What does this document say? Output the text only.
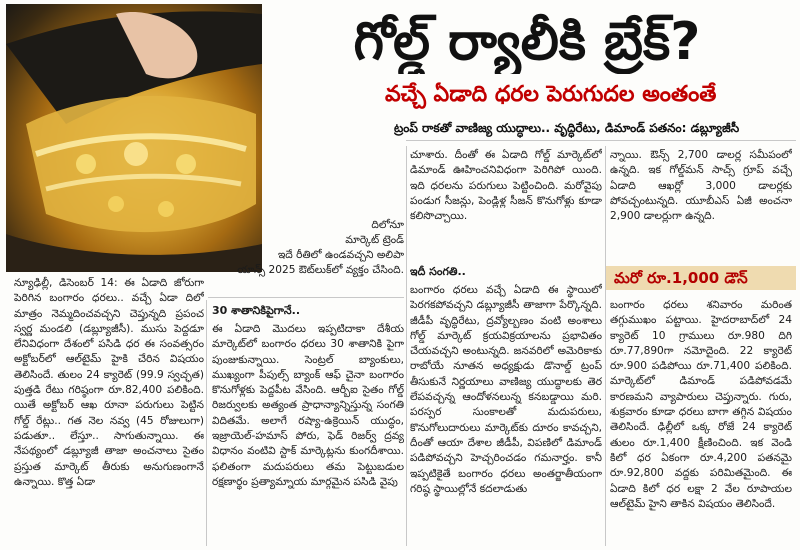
గోల్డ్ ర్యాలీకి బ్రేక్?
వచ్చే ఏడాది ధరల పెరుగుదల అంతంతే
ట్రంప్ రాకతో వాణిజ్య యుద్ధాలు.. వృద్ధిరేటు, డిమాండ్ పతనం: డబ్ల్యూజీసీ
దిలోనూ
మార్కెట్ ట్రెండ్
ఇదే రీతిలో ఉండవచ్చని అలిపా
యాన్స్ 2025 ఔట్‌లుక్‌లో వ్యక్తం చేసింది.

న్యూఢిల్లీ, డిసెంబర్ 14: ఈ ఏడాది జోరుగా పెరిగిన బంగారం ధరలు.. వచ్చే ఏడా దిలో మాత్రం నెమ్మదించవచ్చని చెప్తున్నది ప్రపంచ స్వర్ణ మండలి (డబ్ల్యూజీసీ). ముసు పెద్దడూ లేనివిధంగా దేశంలో పసిడి ధర ఈ సంవత్సరం అక్టోబర్‌లో ఆల్‌టైమ్ హైకి చేరిన విషయం తెలిసిందే. తులం 24 క్యారెట్ (99.9 స్వచ్ఛత) పుత్తడి రేటు గరిష్ఠంగా రూ.82,400 పలికింది. యితే అక్టోబర్ ఆఖ రూనా పరుగులు పెట్టిన గోల్డ్ రేట్లు.. గత నెల నవ్వ (45 రోజులుగా) పడుతూ.. లేస్తూ.. సాగుతున్నాయి. ఈ నేపథ్యంలో డబ్ల్యూజీ తాజా అంచనాలు సైతం ప్రస్తుత మార్కెట్ తీరుకు అనుగుణంగానే ఉన్నాయి. కొత్త ఏడా

30 శాతానికిపైగానే..

ఈ ఏడాది మొదలు ఇప్పటిదాకా దేశీయ మార్కెట్‌లో బంగారం ధరలు 30 శాతానికి పైగా పుంజుకున్నాయి. సెంట్రల్ బ్యాంకులు, ముఖ్యంగా పీపుల్స్ బ్యాంక్ ఆఫ్ చైనా బంగారం కొనుగోళ్లకు పెద్దపీట వేసింది. ఆర్బీఐ సైతం గోల్డ్ రిజర్వులకు అత్యంత ప్రాధాన్యాన్నిస్తున్న సంగతి విదితమే. అలాగే రష్యా-ఉక్రెయిన్ యుద్ధం, ఇజ్రాయెల్-హమాస్ పోరు, ఫెడ్ రిజర్వ్ ద్రవ్య విధానం వంటివి స్టాక్ మార్కెట్లను కుంగదీశాయి. ఫలితంగా మదుపరులు తమ పెట్టుబడుల రక్షణార్థం ప్రత్యామ్నాయ మార్గమైన పసిడి వైపు

చూశారు. దీంతో ఈ ఏడాది గోల్డ్ మార్కెట్‌లో డిమాండ్ ఊహించనివిధంగా పెరిగిపో యింది. ఇది ధరలను పరుగులు పెట్టించింది. మరోవైపు పండుగ సీజన్లు, పెండ్లిళ్ల సీజన్ కొనుగోళ్లు కూడా కలిసొచ్చాయి.

ఇదీ సంగతి..

బంగారం ధరలు వచ్చే ఏడాది ఈ స్థాయిలో పెరగకపోవచ్చని డబ్ల్యూజీసీ తాజాగా పేర్కొన్నది. జీడీపీ వృద్ధిరేటు, ద్రవ్యోల్బణం వంటి అంశాలు గోల్డ్ మార్కెట్ క్రయవిక్రయాలను ప్రభావితం చేయవచ్చని అంటున్నది. జనవరిలో అమెరికాకు రాబోయే నూతన అధ్యక్షుడు డొనాల్డ్ ట్రంప్ తీసుకునే నిర్ణయాలు వాణిజ్య యుద్ధాలకు తెర లేపవచ్చన్న ఆందోళనలున్న కనబడ్డాయి మరి. పరస్పర సుంకాలతో మదుపరులు, కొనుగోలుదారులు మార్కెట్‌కు దూరం కావచ్చని, దీంతో ఆయా దేశాల జీడీపీ, విపణిలో డిమాండ్ పడిపోవచ్చని హెచ్చరించడం గమనార్హం. కానీ ఇప్పటికైతే బంగారం ధరలు అంతర్జాతీయంగా గరిష్ఠ స్థాయిల్లోనే కదలాడుతు

న్నాయి. ఔన్స్ 2,700 డాలర్ల సమీపంలో ఉన్నది. ఇక గోల్డ్‌మన్ సాచ్స్ గ్రూప్ వచ్చే ఏడాది ఆఖర్లో 3,000 డాలర్లకు పోవచ్చంటున్నది. యూబీఎస్ ఏజీ అంచనా 2,900 డాలర్లుగా ఉన్నది.

మరో రూ.1,000 డౌన్

బంగారం ధరలు శనివారం మరింత తగ్గుముఖం పట్టాయి. హైదరాబాద్‌లో 24 క్యారెట్ 10 గ్రాములు రూ.980 దిగి రూ.77,890గా నమోదైంది. 22 క్యారెట్ రూ.900 పడిపోయి రూ.71,400 పలికింది. మార్కెట్‌లో డిమాండ్ పడిపోవడమే కారణమని వ్యాపారులు చెప్తున్నారు. గురు, శుక్రవారం కూడా ధరలు బాగా తగ్గిన విషయం తెలిసిందే. ఢిల్లీలో ఒక్క రోజే 24 క్యారెట్ తులం రూ.1,400 క్షీణించింది. ఇక వెండి కిలో ధర ఏకంగా రూ.4,200 పతనమై రూ.92,800 వద్దకు పరిమితమైంది. ఈ ఏడాది కిలో ధర లక్షా 2 వేల రూపాయల ఆల్‌టైమ్ హైని తాకిన విషయం తెలిసిందే.
